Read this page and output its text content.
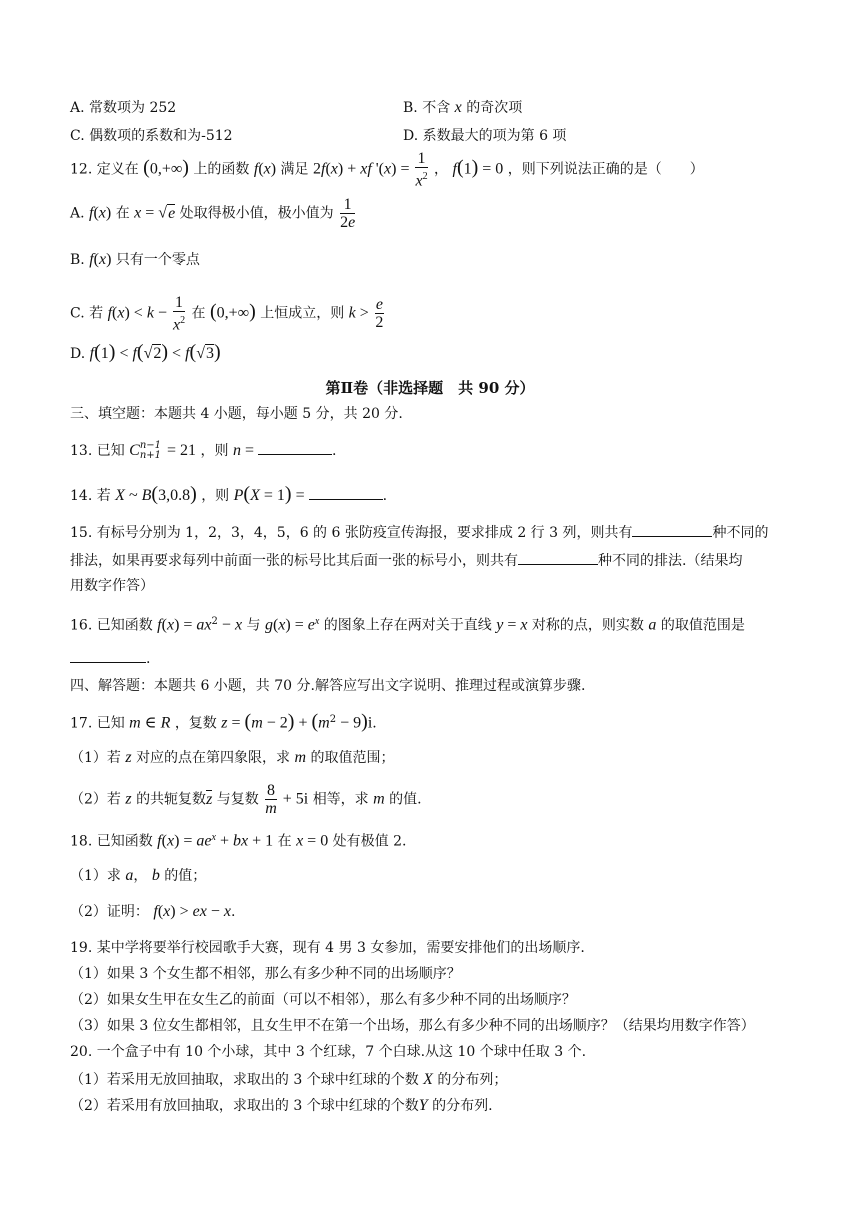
A. 常数项为 252	B. 不含 x 的奇次项
C. 偶数项的系数和为-512	D. 系数最大的项为第 6 项
12. 定义在 (0,+∞) 上的函数 f(x) 满足 2f(x) + xf '$(x) = \frac{1}{x^2}$ ， f(1) = 0 ，则下列说法正确的是（　　）
A. f(x) 在 x = √e 处取得极小值，极小值为 $\frac{1}{2e}$
B. f(x) 只有一个零点
C. 若 $f(x) < k - \frac{1}{x^2}$ 在 (0,+∞) 上恒成立，则 $k > \frac{e}{2}$
D. f(1) < f(√2) < f(√3)
第Ⅱ卷（非选择题　共 90 分）
三、填空题：本题共 4 小题，每小题 5 分，共 20 分.
13. 已知 C n−1
n+1 = 21 ，则 n =	.
14. 若 X ~ B(3,0.8) ，则 P(X = 1) =	.
15. 有标号分别为 1，2，3，4，5，6 的 6 张防疫宣传海报，要求排成 2 行 3 列，则共有	种不同的
排法，如果再要求每列中前面一张的标号比其后面一张的标号小，则共有	种不同的排法.（结果均
用数字作答）
16. 已知函数 $f(x) = ax^2 - x$ 与 $g(x) = e^x$ 的图象上存在两对关于直线 y = x 对称的点，则实数 a 的取值范围是
.
四、解答题：本题共 6 小题，共 70 分.解答应写出文字说明、推理过程或演算步骤.
17. 已知 m ∈ R ，复数 $z = (m - 2) + (m^2 - 9)i$.
（1）若 z 对应的点在第四象限，求 m 的取值范围；
（2）若 z 的共轭复数z 与复数 $\frac{8}{m} + 5i$ 相等，求 m 的值.
18. 已知函数 $f(x) = ae^x$ + bx + 1 在 x = 0 处有极值 2.
（1）求 a， b 的值；
（2）证明： f(x) > ex − x.
19. 某中学将要举行校园歌手大赛，现有 4 男 3 女参加，需要安排他们的出场顺序.
（1）如果 3 个女生都不相邻，那么有多少种不同的出场顺序？
（2）如果女生甲在女生乙的前面（可以不相邻），那么有多少种不同的出场顺序？
（3）如果 3 位女生都相邻，且女生甲不在第一个出场，那么有多少种不同的出场顺序？（结果均用数字作答）
20. 一个盒子中有 10 个小球，其中 3 个红球，7 个白球.从这 10 个球中任取 3 个.
（1）若采用无放回抽取，求取出的 3 个球中红球的个数 X 的分布列；
（2）若采用有放回抽取，求取出的 3 个球中红球的个数Y 的分布列.
